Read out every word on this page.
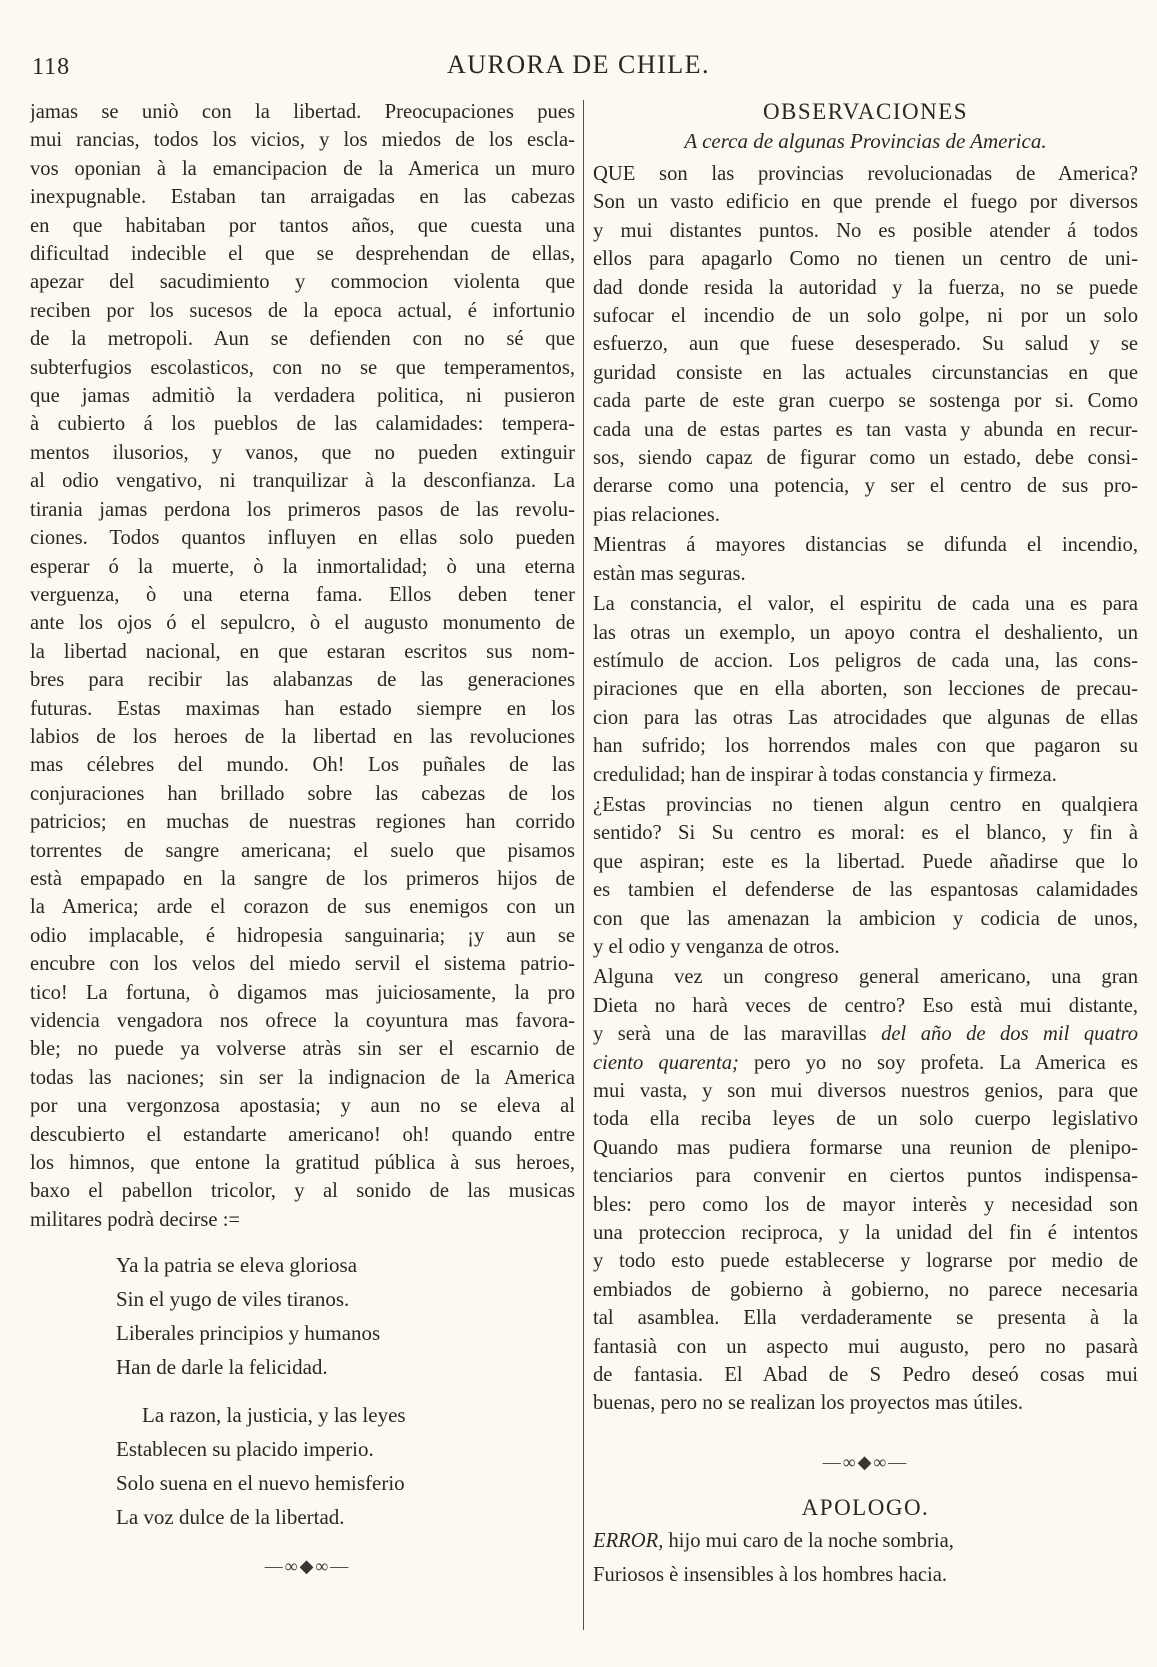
118	AURORA DE CHILE.
jamas se uniò con la libertad. Preocupaciones pues
mui rancias, todos los vicios, y los miedos de los escla-
vos oponian à la emancipacion de la America un muro
inexpugnable. Estaban tan arraigadas en las cabezas
en que habitaban por tantos años, que cuesta una
dificultad indecible el que se desprehendan de ellas,
apezar del sacudimiento y commocion violenta que
reciben por los sucesos de la epoca actual, é infortunio
de la metropoli. Aun se defienden con no sé que
subterfugios escolasticos, con no se que temperamentos,
que jamas admitiò la verdadera politica, ni pusieron
à cubierto á los pueblos de las calamidades: tempera-
mentos ilusorios, y vanos, que no pueden extinguir
al odio vengativo, ni tranquilizar à la desconfianza. La
tirania jamas perdona los primeros pasos de las revolu-
ciones. Todos quantos influyen en ellas solo pueden
esperar ó la muerte, ò la inmortalidad; ò una eterna
verguenza, ò una eterna fama. Ellos deben tener
ante los ojos ó el sepulcro, ò el augusto monumento de
la libertad nacional, en que estaran escritos sus nom-
bres para recibir las alabanzas de las generaciones
futuras. Estas maximas han estado siempre en los
labios de los heroes de la libertad en las revoluciones
mas célebres del mundo. Oh! Los puñales de las
conjuraciones han brillado sobre las cabezas de los
patricios; en muchas de nuestras regiones han corrido
torrentes de sangre americana; el suelo que pisamos
està empapado en la sangre de los primeros hijos de
la America; arde el corazon de sus enemigos con un
odio implacable, é hidropesia sanguinaria; ¡y aun se
encubre con los velos del miedo servil el sistema patrio-
tico! La fortuna, ò digamos mas juiciosamente, la pro
videncia vengadora nos ofrece la coyuntura mas favora-
ble; no puede ya volverse atràs sin ser el escarnio de
todas las naciones; sin ser la indignacion de la America
por una vergonzosa apostasia; y aun no se eleva al
descubierto el estandarte americano! oh! quando entre
los himnos, que entone la gratitud pública à sus heroes,
baxo el pabellon tricolor, y al sonido de las musicas
militares podrà decirse :=
Ya la patria se eleva gloriosa
Sin el yugo de viles tiranos.
Liberales principios y humanos
Han de darle la felicidad.
La razon, la justicia, y las leyes
Establecen su placido imperio.
Solo suena en el nuevo hemisferio
La voz dulce de la libertad.
—∞◆∞—
OBSERVACIONES
A cerca de algunas Provincias de America.
QUE son las provincias revolucionadas de America?
Son un vasto edificio en que prende el fuego por diversos
y mui distantes puntos. No es posible atender á todos
ellos para apagarlo Como no tienen un centro de uni-
dad donde resida la autoridad y la fuerza, no se puede
sufocar el incendio de un solo golpe, ni por un solo
esfuerzo, aun que fuese desesperado. Su salud y se
guridad consiste en las actuales circunstancias en que
cada parte de este gran cuerpo se sostenga por si. Como
cada una de estas partes es tan vasta y abunda en recur-
sos, siendo capaz de figurar como un estado, debe consi-
derarse como una potencia, y ser el centro de sus pro-
pias relaciones.
Mientras á mayores distancias se difunda el incendio,
estàn mas seguras.
La constancia, el valor, el espiritu de cada una es para
las otras un exemplo, un apoyo contra el deshaliento, un
estímulo de accion. Los peligros de cada una, las cons-
piraciones que en ella aborten, son lecciones de precau-
cion para las otras Las atrocidades que algunas de ellas
han sufrido; los horrendos males con que pagaron su
credulidad; han de inspirar à todas constancia y firmeza.
¿Estas provincias no tienen algun centro en qualqiera
sentido? Si Su centro es moral: es el blanco, y fin à
que aspiran; este es la libertad. Puede añadirse que lo
es tambien el defenderse de las espantosas calamidades
con que las amenazan la ambicion y codicia de unos,
y el odio y venganza de otros.
Alguna vez un congreso general americano, una gran
Dieta no harà veces de centro? Eso està mui distante,
y serà una de las maravillas del año de dos mil quatro
ciento quarenta; pero yo no soy profeta. La America es
mui vasta, y son mui diversos nuestros genios, para que
toda ella reciba leyes de un solo cuerpo legislativo
Quando mas pudiera formarse una reunion de plenipo-
tenciarios para convenir en ciertos puntos indispensa-
bles: pero como los de mayor interès y necesidad son
una proteccion reciproca, y la unidad del fin é intentos
y todo esto puede establecerse y lograrse por medio de
embiados de gobierno à gobierno, no parece necesaria
tal asamblea. Ella verdaderamente se presenta à la
fantasià con un aspecto mui augusto, pero no pasarà
de fantasia. El Abad de S Pedro deseó cosas mui
buenas, pero no se realizan los proyectos mas útiles.
—∞◆∞—
APOLOGO.
ERROR, hijo mui caro de la noche sombria,
Furiosos è insensibles à los hombres hacia.
